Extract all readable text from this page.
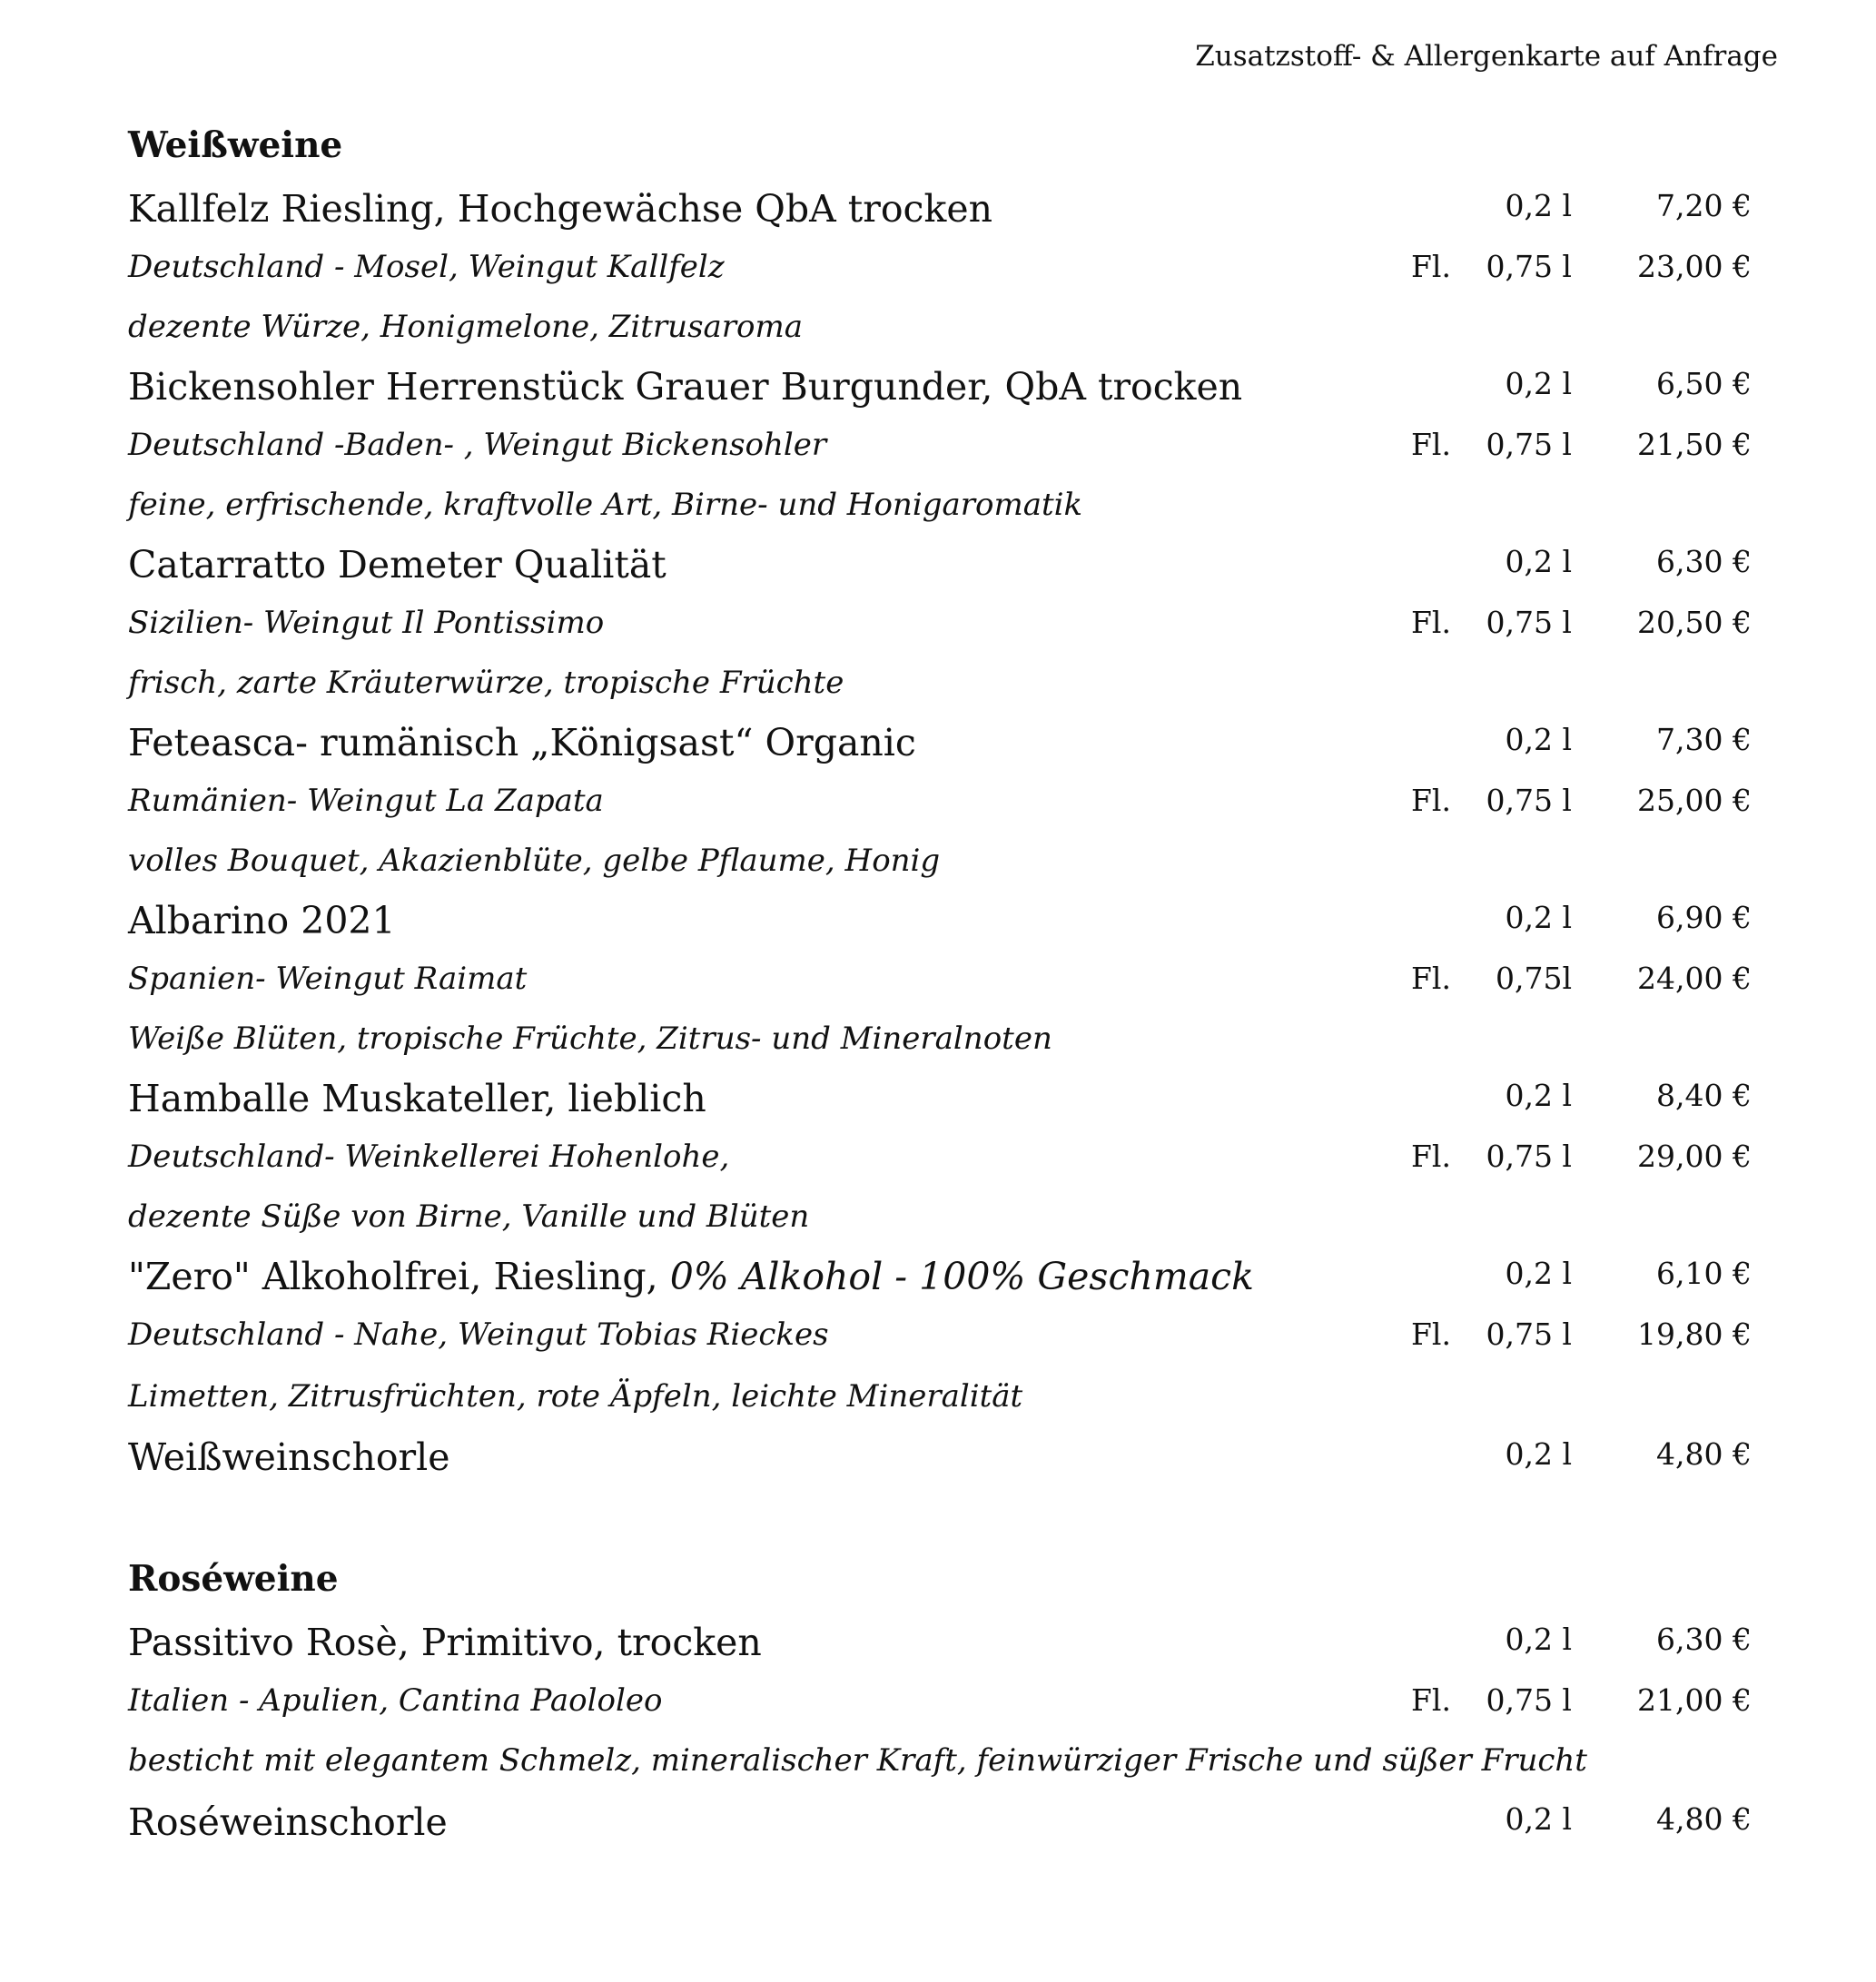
Zusatzstoff- & Allergenkarte auf Anfrage
Weißweine
Kallfelz Riesling, Hochgewächse QbA trocken	0,2 l	7,20 €
Deutschland - Mosel, Weingut Kallfelz	Fl. 0,75 l 23,00 €
dezente Würze, Honigmelone, Zitrusaroma
Bickensohler Herrenstück Grauer Burgunder, QbA trocken	0,2 l	6,50 €
Deutschland -Baden- , Weingut Bickensohler	Fl. 0,75 l 21,50 €
feine, erfrischende, kraftvolle Art, Birne- und Honigaromatik
Catarratto Demeter Qualität	0,2 l	6,30 €
Sizilien- Weingut Il Pontissimo	Fl. 0,75 l 20,50 €
frisch, zarte Kräuterwürze, tropische Früchte
Feteasca- rumänisch „Königsast“ Organic	0,2 l	7,30 €
Rumänien- Weingut La Zapata	Fl. 0,75 l 25,00 €
volles Bouquet, Akazienblüte, gelbe Pflaume, Honig
Albarino 2021	0,2 l	6,90 €
Spanien- Weingut Raimat	Fl. 0,75l 24,00 €
Weiße Blüten, tropische Früchte, Zitrus- und Mineralnoten
Hamballe Muskateller, lieblich	0,2 l	8,40 €
Deutschland- Weinkellerei Hohenlohe,	Fl. 0,75 l 29,00 €
dezente Süße von Birne, Vanille und Blüten
"Zero" Alkoholfrei, Riesling, 0% Alkohol - 100% Geschmack	0,2 l	6,10 €
Deutschland - Nahe, Weingut Tobias Rieckes	Fl. 0,75 l 19,80 €
Limetten, Zitrusfrüchten, rote Äpfeln, leichte Mineralität
Weißweinschorle	0,2 l	4,80 €
Roséweine
Passitivo Rosè, Primitivo, trocken	0,2 l	6,30 €
Italien - Apulien, Cantina Paololeo	Fl. 0,75 l 21,00 €
besticht mit elegantem Schmelz, mineralischer Kraft, feinwürziger Frische und süßer Frucht
Roséweinschorle	0,2 l	4,80 €
